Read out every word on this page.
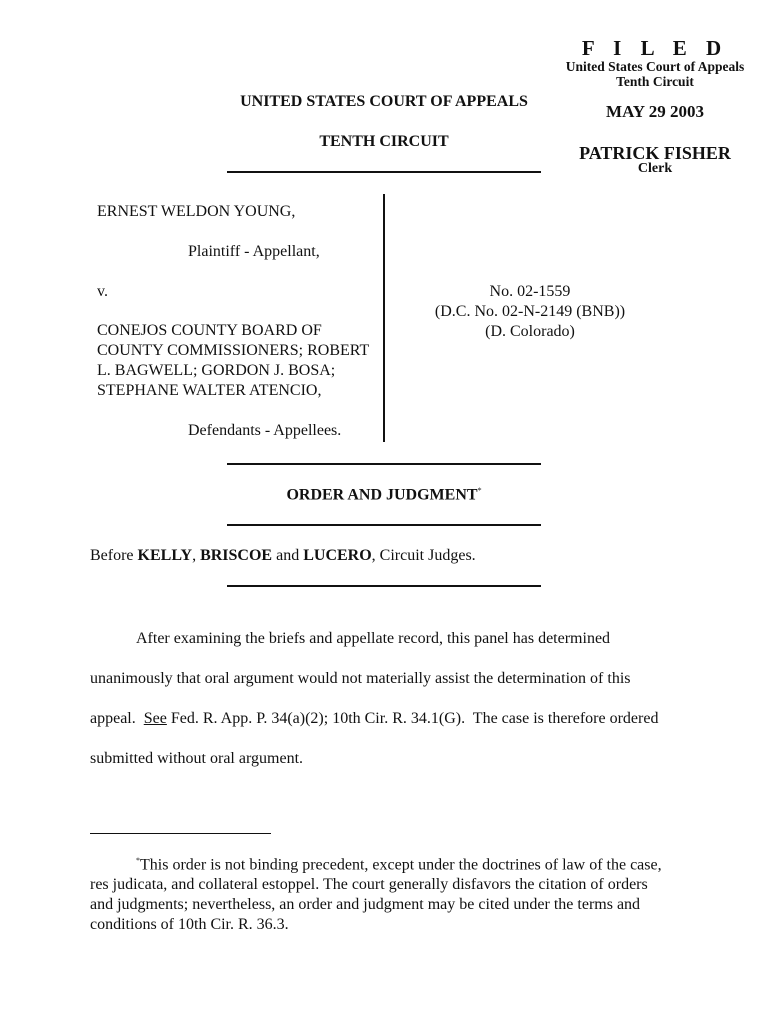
F I L E D
United States Court of Appeals
Tenth Circuit
MAY 29 2003
PATRICK FISHER
Clerk
UNITED STATES COURT OF APPEALS
TENTH CIRCUIT
ERNEST WELDON YOUNG,
Plaintiff - Appellant,
v.
CONEJOS COUNTY BOARD OF
COUNTY COMMISSIONERS; ROBERT
L. BAGWELL; GORDON J. BOSA;
STEPHANE WALTER ATENCIO,
Defendants - Appellees.
No. 02-1559
(D.C. No. 02-N-2149 (BNB))
(D. Colorado)
ORDER AND JUDGMENT*
Before KELLY, BRISCOE and LUCERO, Circuit Judges.
After examining the briefs and appellate record, this panel has determined
unanimously that oral argument would not materially assist the determination of this
appeal.  See Fed. R. App. P. 34(a)(2); 10th Cir. R. 34.1(G).  The case is therefore ordered
submitted without oral argument.
*This order is not binding precedent, except under the doctrines of law of the case,
res judicata, and collateral estoppel. The court generally disfavors the citation of orders
and judgments; nevertheless, an order and judgment may be cited under the terms and
conditions of 10th Cir. R. 36.3.
